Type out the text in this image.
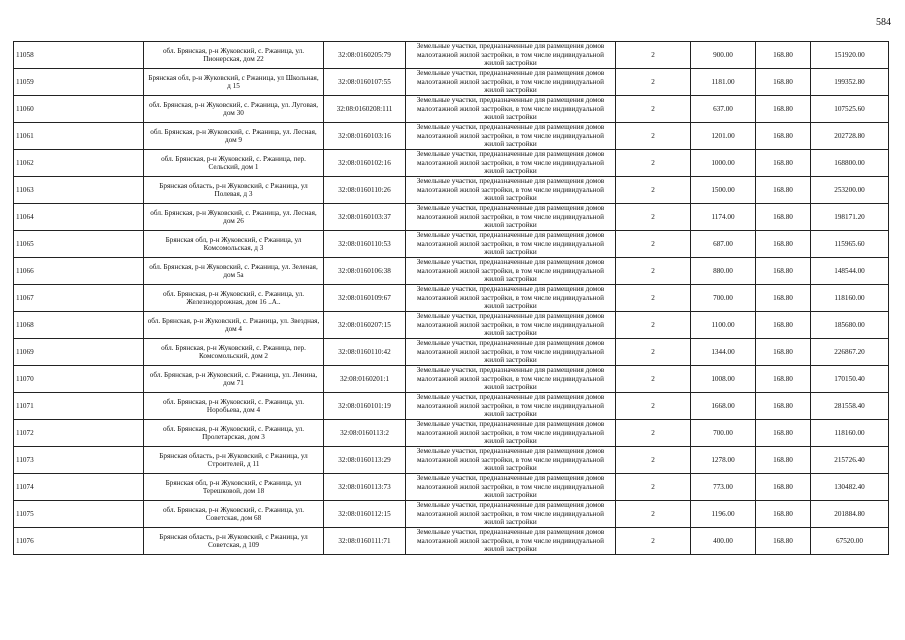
584
11058	обл. Брянская, р-н Жуковский, с. Ржаница, ул. Пионерская, дом 22	32:08:0160205:79	Земельные участки, предназначенные для размещения домов малоэтажной жилой застройки, в том числе индивидуальной жилой застройки	2	900.00	168.80	151920.00
11059	Брянская обл, р-н Жуковский, с Ржаница, ул Школьная, д 15	32:08:0160107:55	Земельные участки, предназначенные для размещения домов малоэтажной жилой застройки, в том числе индивидуальной жилой застройки	2	1181.00	168.80	199352.80
11060	обл. Брянская, р-н Жуковский, с. Ржаница, ул. Луговая, дом 30	32:08:0160208:111	Земельные участки, предназначенные для размещения домов малоэтажной жилой застройки, в том числе индивидуальной жилой застройки	2	637.00	168.80	107525.60
11061	обл. Брянская, р-н Жуковский, с. Ржаница, ул. Лесная, дом 9	32:08:0160103:16	Земельные участки, предназначенные для размещения домов малоэтажной жилой застройки, в том числе индивидуальной жилой застройки	2	1201.00	168.80	202728.80
11062	обл. Брянская, р-н Жуковский, с. Ржаница, пер. Сельский, дом 1	32:08:0160102:16	Земельные участки, предназначенные для размещения домов малоэтажной жилой застройки, в том числе индивидуальной жилой застройки	2	1000.00	168.80	168800.00
11063	Брянская область, р-н Жуковский, с Ржаница, ул Полевая, д 3	32:08:0160110:26	Земельные участки, предназначенные для размещения домов малоэтажной жилой застройки, в том числе индивидуальной жилой застройки	2	1500.00	168.80	253200.00
11064	обл. Брянская, р-н Жуковский, с. Ржаница, ул. Лесная, дом 26	32:08:0160103:37	Земельные участки, предназначенные для размещения домов малоэтажной жилой застройки, в том числе индивидуальной жилой застройки	2	1174.00	168.80	198171.20
11065	Брянская обл, р-н Жуковский, с Ржаница, ул Комсомольская, д 3	32:08:0160110:53	Земельные участки, предназначенные для размещения домов малоэтажной жилой застройки, в том числе индивидуальной жилой застройки	2	687.00	168.80	115965.60
11066	обл. Брянская, р-н Жуковский, с. Ржаница, ул. Зеленая, дом 5а	32:08:0160106:38	Земельные участки, предназначенные для размещения домов малоэтажной жилой застройки, в том числе индивидуальной жилой застройки	2	880.00	168.80	148544.00
11067	обл. Брянская, р-н Жуковский, с. Ржаница, ул. Железнодорожная, дом 16 ..А..	32:08:0160109:67	Земельные участки, предназначенные для размещения домов малоэтажной жилой застройки, в том числе индивидуальной жилой застройки	2	700.00	168.80	118160.00
11068	обл. Брянская, р-н Жуковский, с. Ржаница, ул. Звездная, дом 4	32:08:0160207:15	Земельные участки, предназначенные для размещения домов малоэтажной жилой застройки, в том числе индивидуальной жилой застройки	2	1100.00	168.80	185680.00
11069	обл. Брянская, р-н Жуковский, с. Ржаница, пер. Комсомольский, дом 2	32:08:0160110:42	Земельные участки, предназначенные для размещения домов малоэтажной жилой застройки, в том числе индивидуальной жилой застройки	2	1344.00	168.80	226867.20
11070	обл. Брянская, р-н Жуковский, с. Ржаница, ул. Ленина, дом 71	32:08:0160201:1	Земельные участки, предназначенные для размещения домов малоэтажной жилой застройки, в том числе индивидуальной жилой застройки	2	1008.00	168.80	170150.40
11071	обл. Брянская, р-н Жуковский, с. Ржаница, ул. Норобьева, дом 4	32:08:0160101:19	Земельные участки, предназначенные для размещения домов малоэтажной жилой застройки, в том числе индивидуальной жилой застройки	2	1668.00	168.80	281558.40
11072	обл. Брянская, р-н Жуковский, с. Ржаница, ул. Пролетарская, дом 3	32:08:0160113:2	Земельные участки, предназначенные для размещения домов малоэтажной жилой застройки, в том числе индивидуальной жилой застройки	2	700.00	168.80	118160.00
11073	Брянская область, р-н Жуковский, с Ржаница, ул Строителей, д 11	32:08:0160113:29	Земельные участки, предназначенные для размещения домов малоэтажной жилой застройки, в том числе индивидуальной жилой застройки	2	1278.00	168.80	215726.40
11074	Брянская обл, р-н Жуковский, с Ржаница, ул Терешковой, дом 18	32:08:0160113:73	Земельные участки, предназначенные для размещения домов малоэтажной жилой застройки, в том числе индивидуальной жилой застройки	2	773.00	168.80	130482.40
11075	обл. Брянская, р-н Жуковский, с. Ржаница, ул. Советская, дом 68	32:08:0160112:15	Земельные участки, предназначенные для размещения домов малоэтажной жилой застройки, в том числе индивидуальной жилой застройки	2	1196.00	168.80	201884.80
11076	Брянская область, р-н Жуковский, с Ржаница, ул Советская, д 109	32:08:0160111:71	Земельные участки, предназначенные для размещения домов малоэтажной жилой застройки, в том числе индивидуальной жилой застройки	2	400.00	168.80	67520.00
